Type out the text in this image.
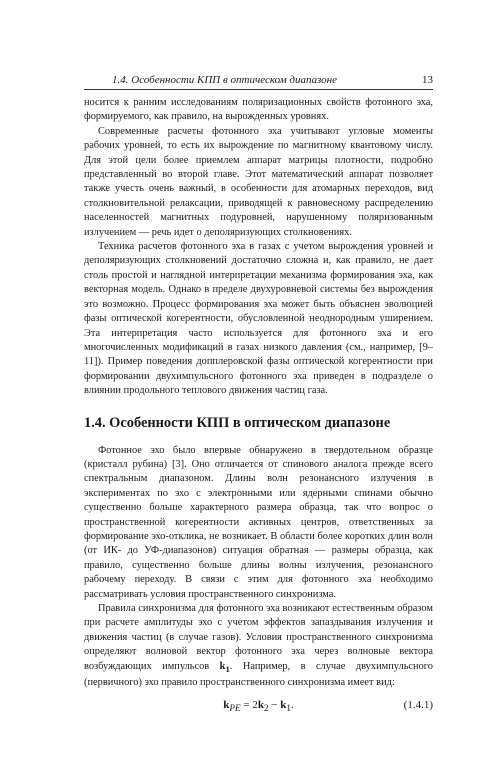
1.4. Особенности КПП в оптическом диапазоне	13

носится к ранним исследованиям поляризационных свойств фотонного эха, формируемого, как правило, на вырожденных уровнях.

Современные расчеты фотонного эха учитывают угловые моменты рабочих уровней, то есть их вырождение по магнитному квантовому числу. Для этой цели более приемлем аппарат матрицы плотности, подробно представленный во второй главе. Этот математический аппарат позволяет также учесть очень важный, в особенности для атомарных переходов, вид столкновительной релаксации, приводящей к равновесному распределению населенностей магнитных подуровней, нарушенному поляризованным излучением — речь идет о деполяризующих столкновениях.

Техника расчетов фотонного эха в газах с учетом вырождения уровней и деполяризующих столкновений достаточно сложна и, как правило, не дает столь простой и наглядной интерпретации механизма формирования эха, как векторная модель. Однако в пределе двухуровневой системы без вырождения это возможно. Процесс формирования эха может быть объяснен эволюцией фазы оптической когерентности, обусловленной неоднородным уширением. Эта интерпретация часто используется для фотонного эха и его многочисленных модификаций в газах низкого давления (см., например, [9–11]). Пример поведения допплеровской фазы оптической когерентности при формировании двухимпульсного фотонного эха приведен в подразделе о влиянии продольного теплового движения частиц газа.

1.4. Особенности КПП в оптическом диапазоне

Фотонное эхо было впервые обнаружено в твердотельном образце (кристалл рубина) [3]. Оно отличается от спинового аналога прежде всего спектральным диапазоном. Длины волн резонансного излучения в экспериментах по эхо с электронными или ядерными спинами обычно существенно больше характерного размера образца, так что вопрос о пространственной когерентности активных центров, ответственных за формирование эхо-отклика, не возникает. В области более коротких длин волн (от ИК- до УФ-диапазонов) ситуация обратная — размеры образца, как правило, существенно больше длины волны излучения, резонансного рабочему переходу. В связи с этим для фотонного эха необходимо рассматривать условия пространственного синхронизма.

Правила синхронизма для фотонного эха возникают естественным образом при расчете амплитуды эхо с учетом эффектов запаздывания излучения и движения частиц (в случае газов). Условия пространственного синхронизма определяют волновой вектор фотонного эха через волновые вектора возбуждающих импульсов $k_1$. Например, в случае двухимпульсного (первичного) эхо правило пространственного синхронизма имеет вид:

$k_{PE} = 2k_2 - k_1$.	(1.4.1)
